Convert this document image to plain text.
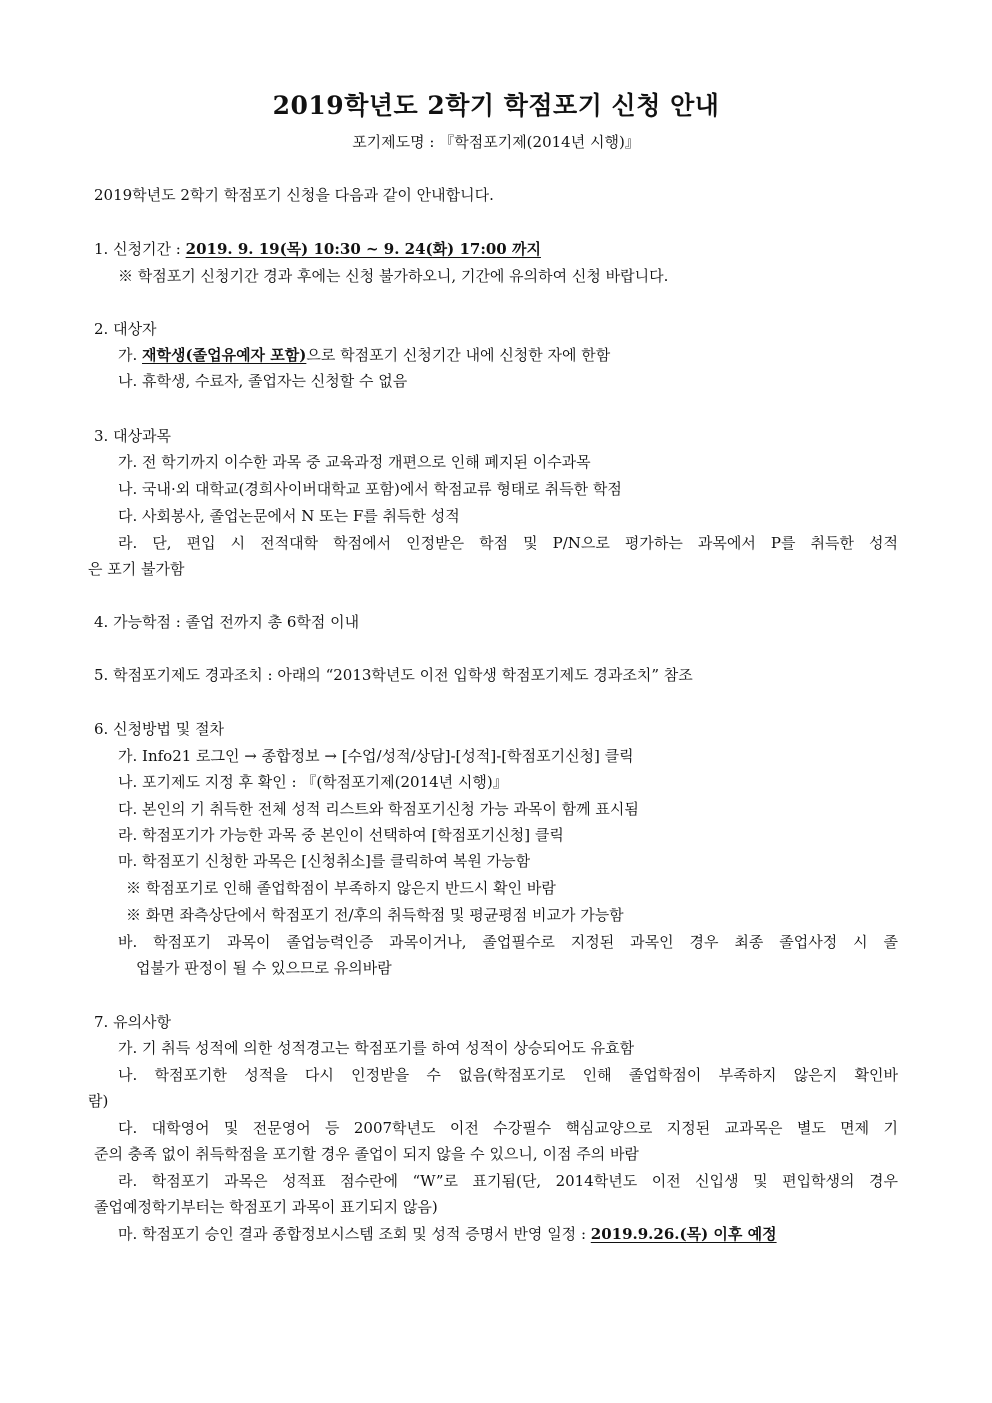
2019학년도 2학기 학점포기 신청 안내
포기제도명 : 『학점포기제(2014년 시행)』
2019학년도 2학기 학점포기 신청을 다음과 같이 안내합니다.
1. 신청기간 : 2019. 9. 19(목) 10:30 ~ 9. 24(화) 17:00 까지
※ 학점포기 신청기간 경과 후에는 신청 불가하오니, 기간에 유의하여 신청 바랍니다.
2. 대상자
가. 재학생(졸업유예자 포함)으로 학점포기 신청기간 내에 신청한 자에 한함
나. 휴학생, 수료자, 졸업자는 신청할 수 없음
3. 대상과목
가. 전 학기까지 이수한 과목 중 교육과정 개편으로 인해 폐지된 이수과목
나. 국내·외 대학교(경희사이버대학교 포함)에서 학점교류 형태로 취득한 학점
다. 사회봉사, 졸업논문에서 N 또는 F를 취득한 성적
라. 단, 편입 시 전적대학 학점에서 인정받은 학점 및 P/N으로 평가하는 과목에서 P를 취득한 성적
은 포기 불가함
4. 가능학점 : 졸업 전까지 총 6학점 이내
5. 학점포기제도 경과조치 : 아래의 “2013학년도 이전 입학생 학점포기제도 경과조치” 참조
6. 신청방법 및 절차
가. Info21 로그인 → 종합정보 → [수업/성적/상담]-[성적]-[학점포기신청] 클릭
나. 포기제도 지정 후 확인 : 『(학점포기제(2014년 시행)』
다. 본인의 기 취득한 전체 성적 리스트와 학점포기신청 가능 과목이 함께 표시됨
라. 학점포기가 가능한 과목 중 본인이 선택하여 [학점포기신청] 클릭
마. 학점포기 신청한 과목은 [신청취소]를 클릭하여 복원 가능함
※ 학점포기로 인해 졸업학점이 부족하지 않은지 반드시 확인 바람
※ 화면 좌측상단에서 학점포기 전/후의 취득학점 및 평균평점 비교가 가능함
바. 학점포기 과목이 졸업능력인증 과목이거나, 졸업필수로 지정된 과목인 경우 최종 졸업사정 시 졸
업불가 판정이 될 수 있으므로 유의바람
7. 유의사항
가. 기 취득 성적에 의한 성적경고는 학점포기를 하여 성적이 상승되어도 유효함
나. 학점포기한 성적을 다시 인정받을 수 없음(학점포기로 인해 졸업학점이 부족하지 않은지 확인바
람)
다. 대학영어 및 전문영어 등 2007학년도 이전 수강필수 핵심교양으로 지정된 교과목은 별도 면제 기
준의 충족 없이 취득학점을 포기할 경우 졸업이 되지 않을 수 있으니, 이점 주의 바람
라. 학점포기 과목은 성적표 점수란에 “W”로 표기됨(단, 2014학년도 이전 신입생 및 편입학생의 경우
졸업예정학기부터는 학점포기 과목이 표기되지 않음)
마. 학점포기 승인 결과 종합정보시스템 조회 및 성적 증명서 반영 일정 : 2019.9.26.(목) 이후 예정
